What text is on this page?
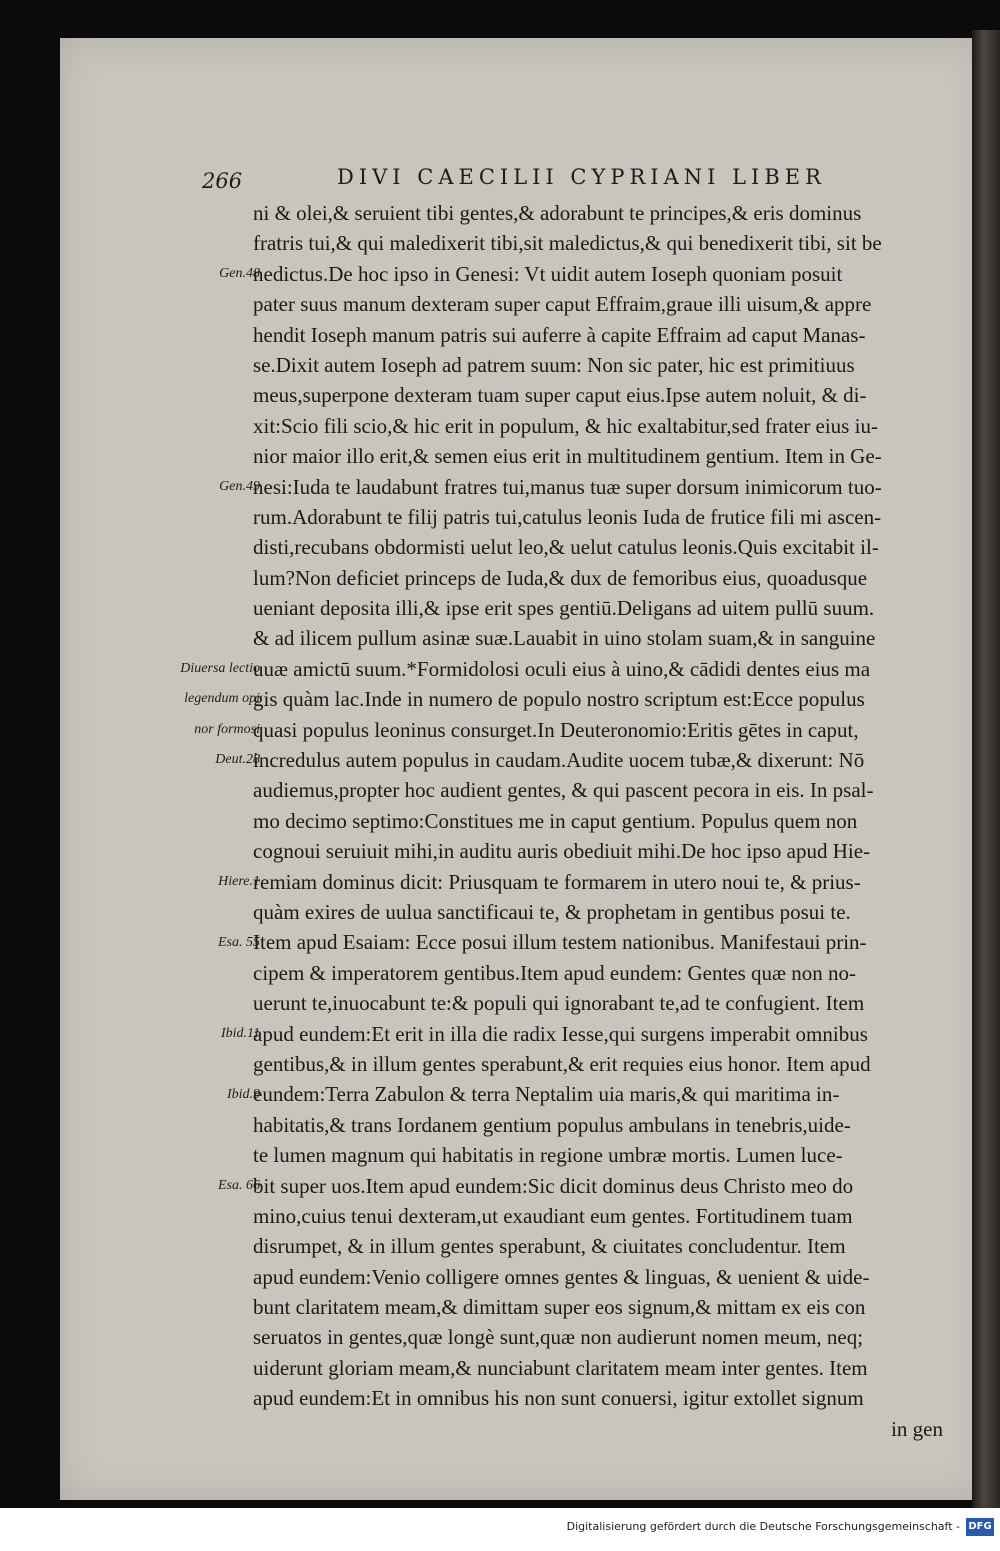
266	DIVI CAECILII CYPRIANI LIBER
ni & olei,& seruient tibi gentes,& adorabunt te principes,& eris dominus
fratris tui,& qui maledixerit tibi,sit maledictus,& qui benedixerit tibi, sit be
nedictus.De hoc ipso in Genesi: Vt uidit autem Ioseph quoniam posuit
pater suus manum dexteram super caput Effraim,graue illi uisum,& appre
hendit Ioseph manum patris sui auferre à capite Effraim ad caput Manas-
se.Dixit autem Ioseph ad patrem suum: Non sic pater, hic est primitiuus
meus,superpone dexteram tuam super caput eius.Ipse autem noluit, & di-
xit:Scio fili scio,& hic erit in populum, & hic exaltabitur,sed frater eius iu-
nior maior illo erit,& semen eius erit in multitudinem gentium. Item in Ge-
nesi:Iuda te laudabunt fratres tui,manus tuæ super dorsum inimicorum tuo-
rum.Adorabunt te filij patris tui,catulus leonis Iuda de frutice fili mi ascen-
disti,recubans obdormisti uelut leo,& uelut catulus leonis.Quis excitabit il-
lum?Non deficiet princeps de Iuda,& dux de femoribus eius, quoadusque
ueniant deposita illi,& ipse erit spes gentiū.Deligans ad uitem pullū suum.
& ad ilicem pullum asinæ suæ.Lauabit in uino stolam suam,& in sanguine
uuæ amictū suum.*Formidolosi oculi eius à uino,& cādidi dentes eius ma
gis quàm lac.Inde in numero de populo nostro scriptum est:Ecce populus
quasi populus leoninus consurget.In Deuteronomio:Eritis gētes in caput,
incredulus autem populus in caudam.Audite uocem tubæ,& dixerunt: Nō
audiemus,propter hoc audient gentes, & qui pascent pecora in eis. In psal-
mo decimo septimo:Constitues me in caput gentium. Populus quem non
cognoui seruiuit mihi,in auditu auris obediuit mihi.De hoc ipso apud Hie-
remiam dominus dicit: Priusquam te formarem in utero noui te, & prius-
quàm exires de uulua sanctificaui te, & prophetam in gentibus posui te.
Item apud Esaiam: Ecce posui illum testem nationibus. Manifestaui prin-
cipem & imperatorem gentibus.Item apud eundem: Gentes quæ non no-
uerunt te,inuocabunt te:& populi qui ignorabant te,ad te confugient. Item
apud eundem:Et erit in illa die radix Iesse,qui surgens imperabit omnibus
gentibus,& in illum gentes sperabunt,& erit requies eius honor. Item apud
eundem:Terra Zabulon & terra Neptalim uia maris,& qui maritima in-
habitatis,& trans Iordanem gentium populus ambulans in tenebris,uide-
te lumen magnum qui habitatis in regione umbræ mortis. Lumen luce-
bit super uos.Item apud eundem:Sic dicit dominus deus Christo meo do
mino,cuius tenui dexteram,ut exaudiant eum gentes. Fortitudinem tuam
disrumpet, & in illum gentes sperabunt, & ciuitates concludentur. Item
apud eundem:Venio colligere omnes gentes & linguas, & uenient & uide-
bunt claritatem meam,& dimittam super eos signum,& mittam ex eis con
seruatos in gentes,quæ longè sunt,quæ non audierunt nomen meum, neq;
uiderunt gloriam meam,& nunciabunt claritatem meam inter gentes. Item
apud eundem:Et in omnibus his non sunt conuersi, igitur extollet signum
in gen
Gen.48
Gen.49
Diuersa lectio
legendum opi
nor formosi
Deut.28
Hiere.1
Esa. 55
Ibid.11
Ibid.9
Esa. 66
Digitalisierung gefördert durch die Deutsche Forschungsgemeinschaft - DFG
